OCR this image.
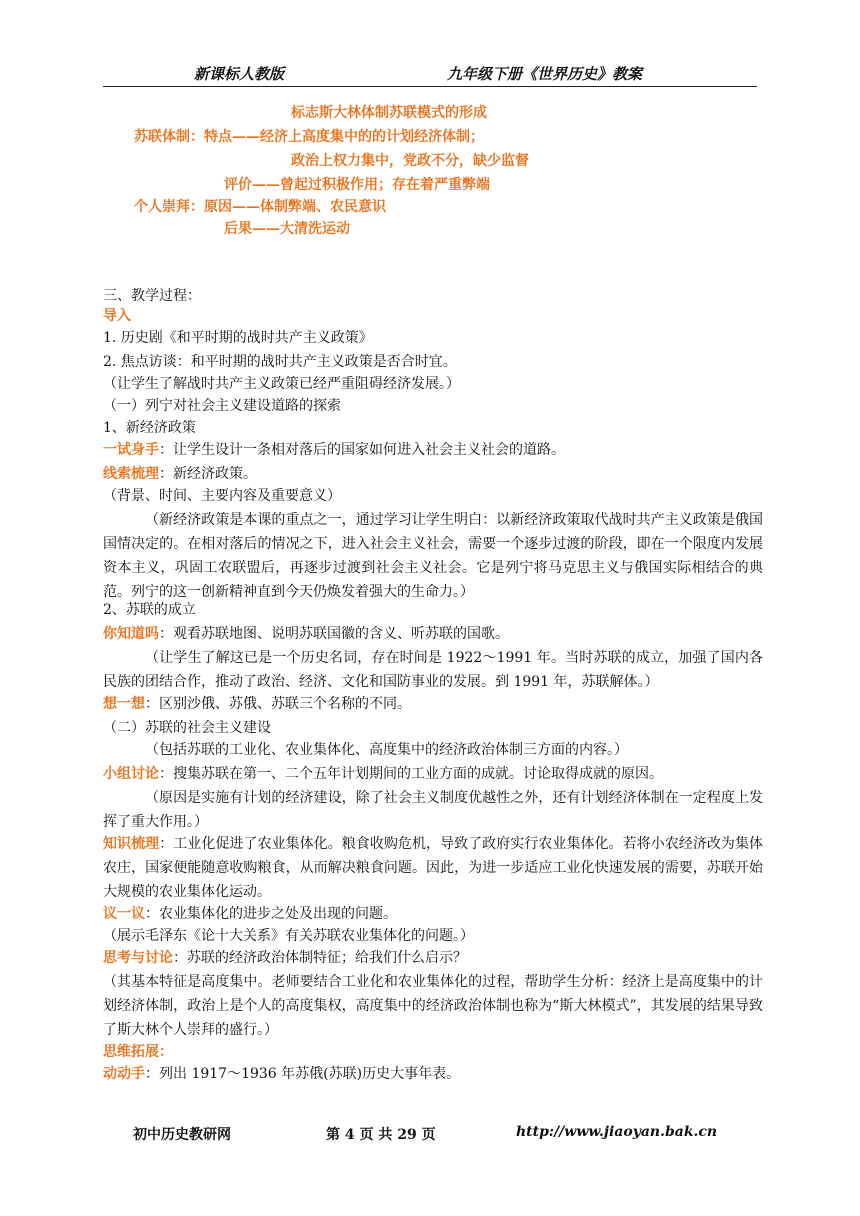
新课标人教版	九年级下册《世界历史》教案
标志斯大林体制苏联模式的形成
苏联体制：特点——经济上高度集中的的计划经济体制；
政治上权力集中，党政不分，缺少监督
评价——曾起过积极作用；存在着严重弊端
个人崇拜：原因——体制弊端、农民意识
后果——大清洗运动
三、教学过程：
导入
1. 历史剧《和平时期的战时共产主义政策》
2. 焦点访谈：和平时期的战时共产主义政策是否合时宜。
（让学生了解战时共产主义政策已经严重阻碍经济发展。）
（一）列宁对社会主义建设道路的探索
1、新经济政策
一试身手：让学生设计一条相对落后的国家如何进入社会主义社会的道路。
线索梳理：新经济政策。
（背景、时间、主要内容及重要意义）
（新经济政策是本课的重点之一，通过学习让学生明白：以新经济政策取代战时共产主义政策是俄国国情决定的。在相对落后的情况之下，进入社会主义社会，需要一个逐步过渡的阶段，即在一个限度内发展资本主义，巩固工农联盟后，再逐步过渡到社会主义社会。它是列宁将马克思主义与俄国实际相结合的典范。列宁的这一创新精神直到今天仍焕发着强大的生命力。）
2、苏联的成立
你知道吗：观看苏联地图、说明苏联国徽的含义、听苏联的国歌。
（让学生了解这已是一个历史名词，存在时间是 1922～1991 年。当时苏联的成立，加强了国内各民族的团结合作，推动了政治、经济、文化和国防事业的发展。到 1991 年，苏联解体。）
想一想：区别沙俄、苏俄、苏联三个名称的不同。
（二）苏联的社会主义建设
（包括苏联的工业化、农业集体化、高度集中的经济政治体制三方面的内容。）
小组讨论：搜集苏联在第一、二个五年计划期间的工业方面的成就。讨论取得成就的原因。
（原因是实施有计划的经济建设，除了社会主义制度优越性之外，还有计划经济体制在一定程度上发挥了重大作用。）
知识梳理：工业化促进了农业集体化。粮食收购危机，导致了政府实行农业集体化。若将小农经济改为集体农庄，国家便能随意收购粮食，从而解决粮食问题。因此，为进一步适应工业化快速发展的需要，苏联开始大规模的农业集体化运动。
议一议：农业集体化的进步之处及出现的问题。
（展示毛泽东《论十大关系》有关苏联农业集体化的问题。）
思考与讨论：苏联的经济政治体制特征；给我们什么启示？
（其基本特征是高度集中。老师要结合工业化和农业集体化的过程，帮助学生分析：经济上是高度集中的计划经济体制，政治上是个人的高度集权，高度集中的经济政治体制也称为“斯大林模式”，其发展的结果导致了斯大林个人崇拜的盛行。）
思维拓展：
动动手：列出 1917～1936 年苏俄(苏联)历史大事年表。
初中历史教研网	第 4 页 共 29 页	http://www.jiaoyan.bak.cn
